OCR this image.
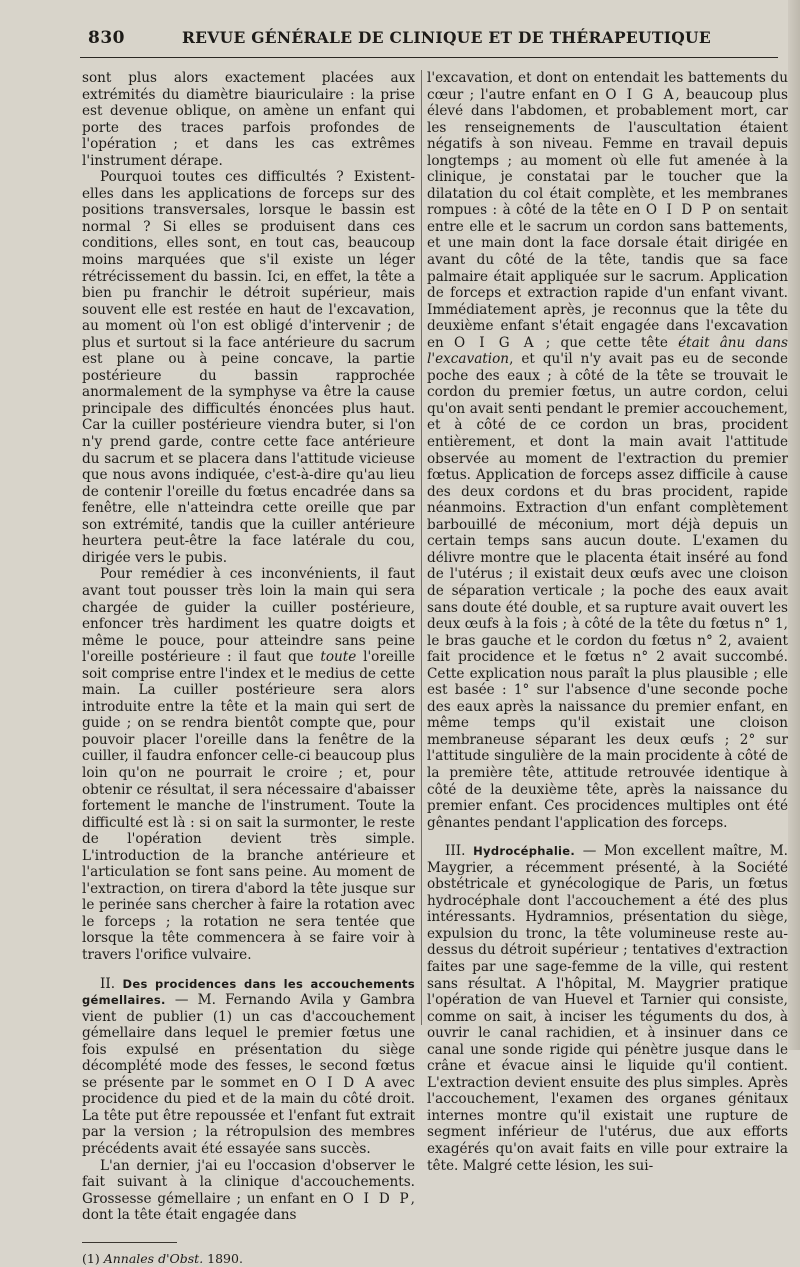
830	REVUE GÉNÉRALE DE CLINIQUE ET DE THÉRAPEUTIQUE

sont plus alors exactement placées aux extrémités du diamètre biauriculaire : la prise est devenue oblique, on amène un enfant qui porte des traces parfois profondes de l'opération ; et dans les cas extrêmes l'instrument dérape.

Pourquoi toutes ces difficultés ? Existent-elles dans les applications de forceps sur des positions transversales, lorsque le bassin est normal ? Si elles se produisent dans ces conditions, elles sont, en tout cas, beaucoup moins marquées que s'il existe un léger rétrécissement du bassin. Ici, en effet, la tête a bien pu franchir le détroit supérieur, mais souvent elle est restée en haut de l'excavation, au moment où l'on est obligé d'intervenir ; de plus et surtout si la face antérieure du sacrum est plane ou à peine concave, la partie postérieure du bassin rapprochée anormalement de la symphyse va être la cause principale des difficultés énoncées plus haut. Car la cuiller postérieure viendra buter, si l'on n'y prend garde, contre cette face antérieure du sacrum et se placera dans l'attitude vicieuse que nous avons indiquée, c'est-à-dire qu'au lieu de contenir l'oreille du fœtus encadrée dans sa fenêtre, elle n'atteindra cette oreille que par son extrémité, tandis que la cuiller antérieure heurtera peut-être la face latérale du cou, dirigée vers le pubis.

Pour remédier à ces inconvénients, il faut avant tout pousser très loin la main qui sera chargée de guider la cuiller postérieure, enfoncer très hardiment les quatre doigts et même le pouce, pour atteindre sans peine l'oreille postérieure : il faut que toute l'oreille soit comprise entre l'index et le medius de cette main. La cuiller postérieure sera alors introduite entre la tête et la main qui sert de guide ; on se rendra bientôt compte que, pour pouvoir placer l'oreille dans la fenêtre de la cuiller, il faudra enfoncer celle-ci beaucoup plus loin qu'on ne pourrait le croire ; et, pour obtenir ce résultat, il sera nécessaire d'abaisser fortement le manche de l'instrument. Toute la difficulté est là : si on sait la surmonter, le reste de l'opération devient très simple. L'introduction de la branche antérieure et l'articulation se font sans peine. Au moment de l'extraction, on tirera d'abord la tête jusque sur le perinée sans chercher à faire la rotation avec le forceps ; la rotation ne sera tentée que lorsque la tête commencera à se faire voir à travers l'orifice vulvaire.

II. Des procidences dans les accouchements gémellaires. — M. Fernando Avila y Gambra vient de publier (1) un cas d'accouchement gémellaire dans lequel le premier fœtus une fois expulsé en présentation du siège décomplété mode des fesses, le second fœtus se présente par le sommet en O I D A avec procidence du pied et de la main du côté droit. La tête put être repoussée et l'enfant fut extrait par la version ; la rétropulsion des membres précédents avait été essayée sans succès.

L'an dernier, j'ai eu l'occasion d'observer le fait suivant à la clinique d'accouchements. Grossesse gémellaire ; un enfant en O I D P, dont la tête était engagée dans

(1) Annales d'Obst. 1890.

l'excavation, et dont on entendait les battements du cœur ; l'autre enfant en O I G A, beaucoup plus élevé dans l'abdomen, et probablement mort, car les renseignements de l'auscultation étaient négatifs à son niveau. Femme en travail depuis longtemps ; au moment où elle fut amenée à la clinique, je constatai par le toucher que la dilatation du col était complète, et les membranes rompues : à côté de la tête en O I D P on sentait entre elle et le sacrum un cordon sans battements, et une main dont la face dorsale était dirigée en avant du côté de la tête, tandis que sa face palmaire était appliquée sur le sacrum. Application de forceps et extraction rapide d'un enfant vivant. Immédiatement après, je reconnus que la tête du deuxième enfant s'était engagée dans l'excavation en O I G A ; que cette tête était ânu dans l'excavation, et qu'il n'y avait pas eu de seconde poche des eaux ; à côté de la tête se trouvait le cordon du premier fœtus, un autre cordon, celui qu'on avait senti pendant le premier accouchement, et à côté de ce cordon un bras, procident entièrement, et dont la main avait l'attitude observée au moment de l'extraction du premier fœtus. Application de forceps assez difficile à cause des deux cordons et du bras procident, rapide néanmoins. Extraction d'un enfant complètement barbouillé de méconium, mort déjà depuis un certain temps sans aucun doute. L'examen du délivre montre que le placenta était inséré au fond de l'utérus ; il existait deux œufs avec une cloison de séparation verticale ; la poche des eaux avait sans doute été double, et sa rupture avait ouvert les deux œufs à la fois ; à côté de la tête du fœtus n° 1, le bras gauche et le cordon du fœtus n° 2, avaient fait procidence et le fœtus n° 2 avait succombé. Cette explication nous paraît la plus plausible ; elle est basée : 1° sur l'absence d'une seconde poche des eaux après la naissance du premier enfant, en même temps qu'il existait une cloison membraneuse séparant les deux œufs ; 2° sur l'attitude singulière de la main procidente à côté de la première tête, attitude retrouvée identique à côté de la deuxième tête, après la naissance du premier enfant. Ces procidences multiples ont été gênantes pendant l'application des forceps.

III. Hydrocéphalie. — Mon excellent maître, M. Maygrier, a récemment présenté, à la Société obstétricale et gynécologique de Paris, un fœtus hydrocéphale dont l'accouchement a été des plus intéressants. Hydramnios, présentation du siège, expulsion du tronc, la tête volumineuse reste au-dessus du détroit supérieur ; tentatives d'extraction faites par une sage-femme de la ville, qui restent sans résultat. A l'hôpital, M. Maygrier pratique l'opération de van Huevel et Tarnier qui consiste, comme on sait, à inciser les téguments du dos, à ouvrir le canal rachidien, et à insinuer dans ce canal une sonde rigide qui pénètre jusque dans le crâne et évacue ainsi le liquide qu'il contient. L'extraction devient ensuite des plus simples. Après l'accouchement, l'examen des organes génitaux internes montre qu'il existait une rupture de segment inférieur de l'utérus, due aux efforts exagérés qu'on avait faits en ville pour extraire la tête. Malgré cette lésion, les sui-
